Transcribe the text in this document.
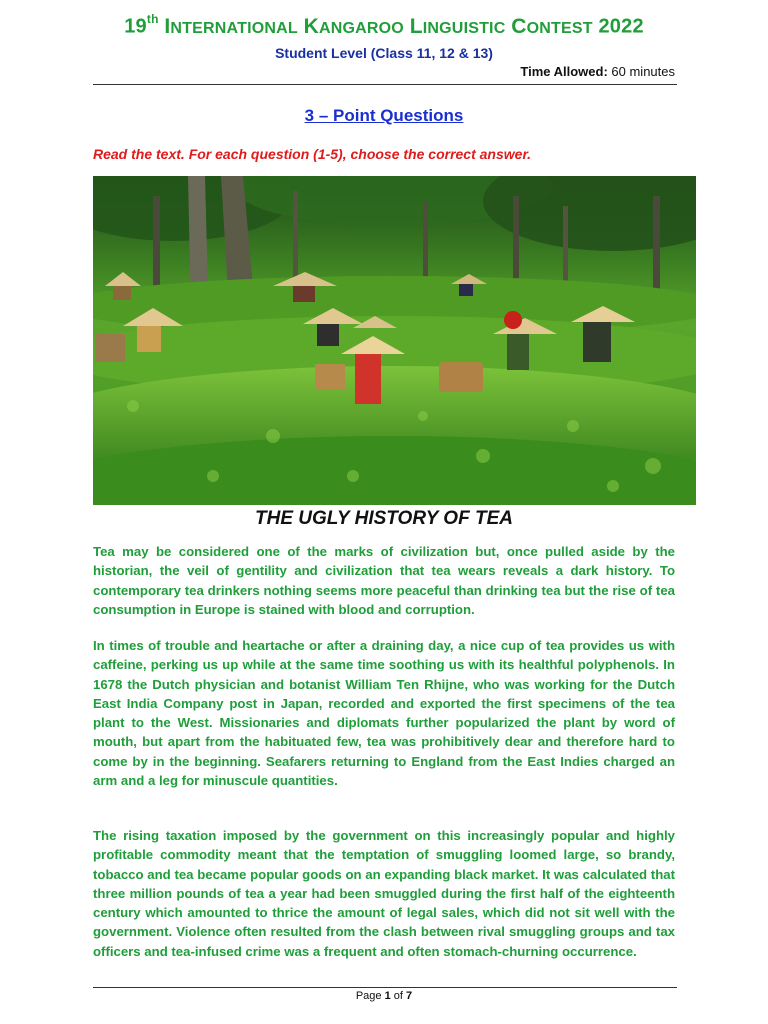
19th INTERNATIONAL KANGAROO LINGUISTIC CONTEST 2022
Student Level (Class 11, 12 & 13)
Time Allowed: 60 minutes
3 – Point Questions
Read the text. For each question (1-5), choose the correct answer.
THE UGLY HISTORY OF TEA

Tea may be considered one of the marks of civilization but, once pulled aside by the historian, the veil of gentility and civilization that tea wears reveals a dark history. To contemporary tea drinkers nothing seems more peaceful than drinking tea but the rise of tea consumption in Europe is stained with blood and corruption.

In times of trouble and heartache or after a draining day, a nice cup of tea provides us with caffeine, perking us up while at the same time soothing us with its healthful polyphenols. In 1678 the Dutch physician and botanist William Ten Rhijne, who was working for the Dutch East India Company post in Japan, recorded and exported the first specimens of the tea plant to the West. Missionaries and diplomats further popularized the plant by word of mouth, but apart from the habituated few, tea was prohibitively dear and therefore hard to come by in the beginning. Seafarers returning to England from the East Indies charged an arm and a leg for minuscule quantities.

The rising taxation imposed by the government on this increasingly popular and highly profitable commodity meant that the temptation of smuggling loomed large, so brandy, tobacco and tea became popular goods on an expanding black market. It was calculated that three million pounds of tea a year had been smuggled during the first half of the eighteenth century which amounted to thrice the amount of legal sales, which did not sit well with the government. Violence often resulted from the clash between rival smuggling groups and tax officers and tea-infused crime was a frequent and often stomach-churning occurrence.

Page 1 of 7
